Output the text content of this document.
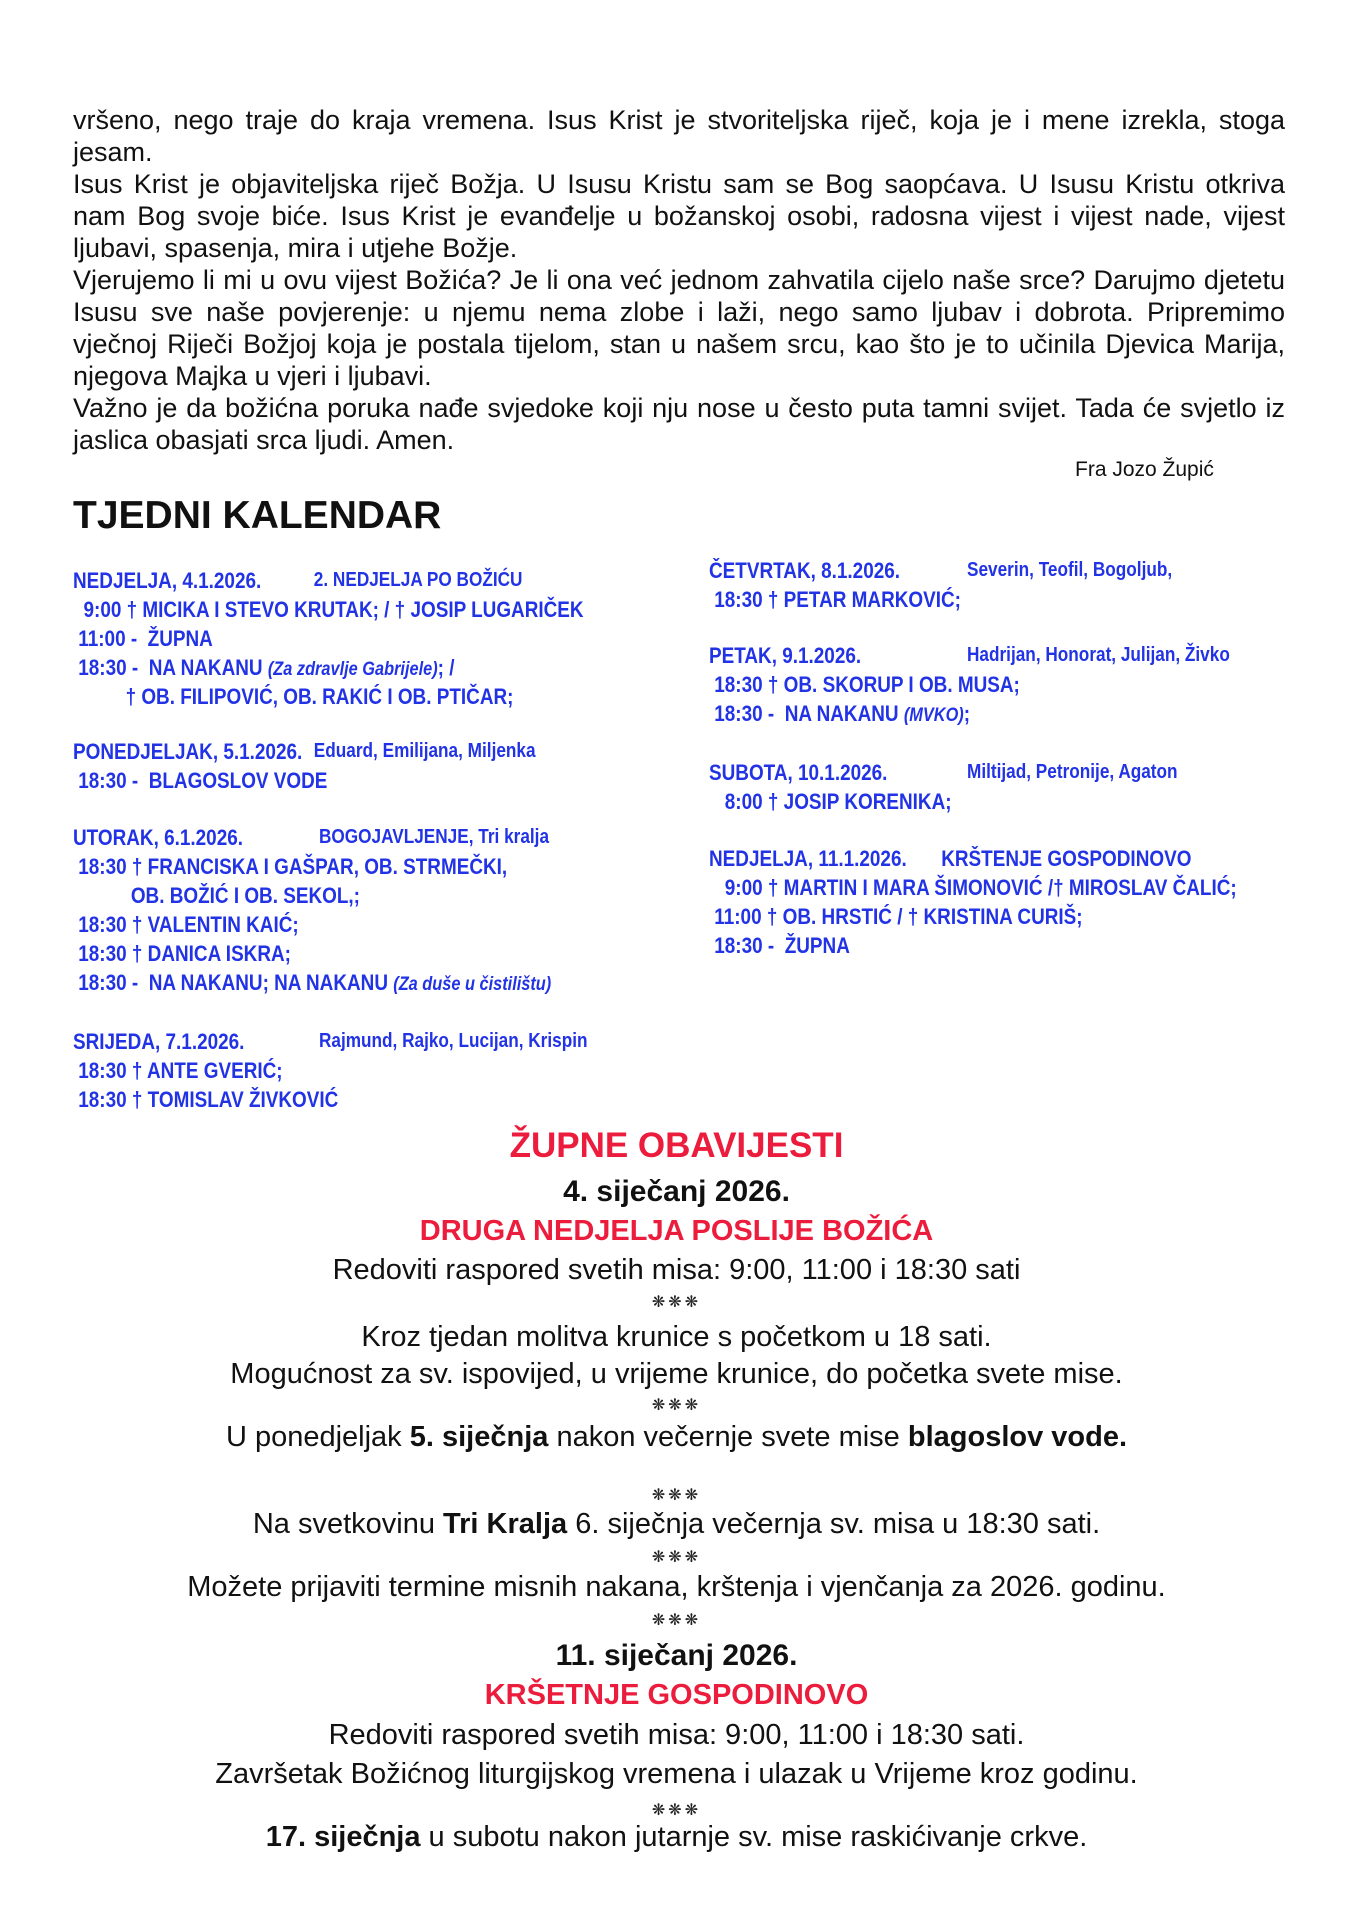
vršeno, nego traje do kraja vremena. Isus Krist je stvoriteljska riječ, koja je i mene izrekla, stoga jesam.

Isus Krist je objaviteljska riječ Božja. U Isusu Kristu sam se Bog saopćava. U Isusu Kristu otkriva nam Bog svoje biće. Isus Krist je evanđelje u božanskoj osobi, radosna vijest i vijest nade, vijest ljubavi, spasenja, mira i utjehe Božje.

Vjerujemo li mi u ovu vijest Božića? Je li ona već jednom zahvatila cijelo naše srce? Darujmo djetetu Isusu sve naše povjerenje: u njemu nema zlobe i laži, nego samo ljubav i dobrota. Pripremimo vječnoj Riječi Božjoj koja je postala tijelom, stan u našem srcu, kao što je to učinila Djevica Marija, njegova Majka u vjeri i ljubavi.

Važno je da božićna poruka nađe svjedoke koji nju nose u često puta tamni svijet. Tada će svjetlo iz jaslica obasjati srca ljudi. Amen.

Fra Jozo Župić
TJEDNI KALENDAR
NEDJELJA, 4.1.2026.	2. NEDJELJA PO BOŽIĆU
9:00 † MICIKA I STEVO KRUTAK; / † JOSIP LUGARIČEK
11:00 -  ŽUPNA
18:30 -  NA NAKANU (Za zdravlje Gabrijele); /
† OB. FILIPOVIĆ, OB. RAKIĆ I OB. PTIČAR;
PONEDJELJAK, 5.1.2026. Eduard, Emilijana, Miljenka
18:30 -  BLAGOSLOV VODE
UTORAK, 6.1.2026.	BOGOJAVLJENJE, Tri kralja
18:30 † FRANCISKA I GAŠPAR, OB. STRMEČKI,
OB. BOŽIĆ I OB. SEKOL,;
18:30 † VALENTIN KAIĆ;
18:30 † DANICA ISKRA;
18:30 -  NA NAKANU; NA NAKANU (Za duše u čistilištu)
SRIJEDA, 7.1.2026.	Rajmund, Rajko, Lucijan, Krispin
18:30 † ANTE GVERIĆ;
18:30 † TOMISLAV ŽIVKOVIĆ
ČETVRTAK, 8.1.2026.	Severin, Teofil, Bogoljub,
18:30 † PETAR MARKOVIĆ;
PETAK, 9.1.2026.	Hadrijan, Honorat, Julijan, Živko
18:30 † OB. SKORUP I OB. MUSA;
18:30 -  NA NAKANU (MVKO);
SUBOTA, 10.1.2026.	Miltijad, Petronije, Agaton
8:00 † JOSIP KORENIKA;
NEDJELJA, 11.1.2026. KRŠTENJE GOSPODINOVO
9:00 † MARTIN I MARA ŠIMONOVIĆ /† MIROSLAV ČALIĆ;
11:00 † OB. HRSTIĆ / † KRISTINA CURIŠ;
18:30 -  ŽUPNA
ŽUPNE OBAVIJESTI
4. siječanj 2026.
DRUGA NEDJELJA POSLIJE BOŽIĆA
Redoviti raspored svetih misa: 9:00, 11:00 i 18:30 sati
❋❋❋
Kroz tjedan molitva krunice s početkom u 18 sati.
Mogućnost za sv. ispovijed, u vrijeme krunice, do početka svete mise.
❋❋❋
U ponedjeljak 5. siječnja nakon večernje svete mise blagoslov vode.
❋❋❋
Na svetkovinu Tri Kralja 6. siječnja večernja sv. misa u 18:30 sati.
❋❋❋
Možete prijaviti termine misnih nakana, krštenja i vjenčanja za 2026. godinu.
❋❋❋
11. siječanj 2026.
KRŠETNJE GOSPODINOVO
Redoviti raspored svetih misa: 9:00, 11:00 i 18:30 sati.
Završetak Božićnog liturgijskog vremena i ulazak u Vrijeme kroz godinu.
❋❋❋
17. siječnja u subotu nakon jutarnje sv. mise raskićivanje crkve.
